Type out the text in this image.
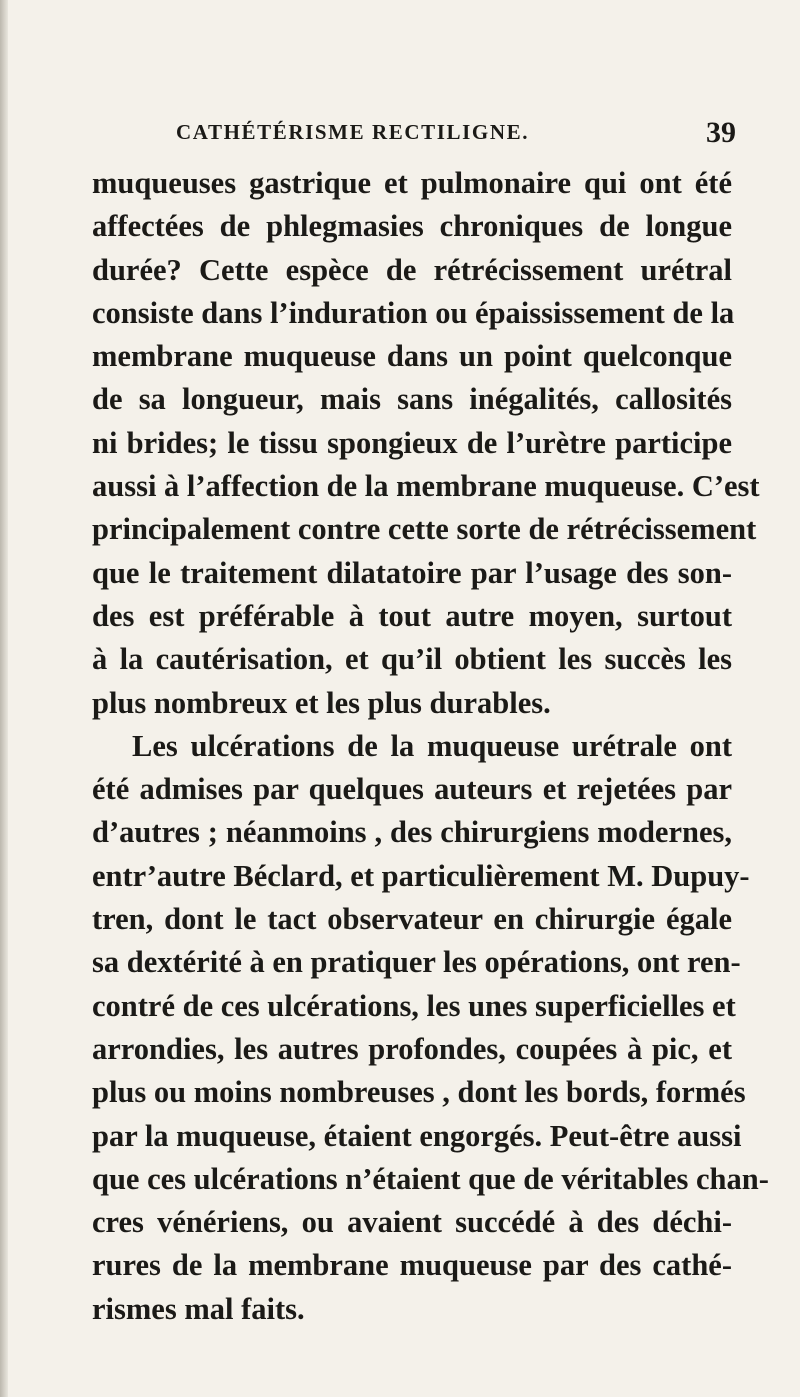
CATHÉTÉRISME RECTILIGNE.	39
muqueuses gastrique et pulmonaire qui ont été
affectées de phlegmasies chroniques de longue
durée? Cette espèce de rétrécissement urétral
consiste dans l’induration ou épaississement de la
membrane muqueuse dans un point quelconque
de sa longueur, mais sans inégalités, callosités
ni brides; le tissu spongieux de l’urètre participe
aussi à l’affection de la membrane muqueuse. C’est
principalement contre cette sorte de rétrécissement
que le traitement dilatatoire par l’usage des son-
des est préférable à tout autre moyen, surtout
à la cautérisation, et qu’il obtient les succès les
plus nombreux et les plus durables.
Les ulcérations de la muqueuse urétrale ont
été admises par quelques auteurs et rejetées par
d’autres ; néanmoins , des chirurgiens modernes,
entr’autre Béclard, et particulièrement M. Dupuy-
tren, dont le tact observateur en chirurgie égale
sa dextérité à en pratiquer les opérations, ont ren-
contré de ces ulcérations, les unes superficielles et
arrondies, les autres profondes, coupées à pic, et
plus ou moins nombreuses , dont les bords, formés
par la muqueuse, étaient engorgés. Peut-être aussi
que ces ulcérations n’étaient que de véritables chan-
cres vénériens, ou avaient succédé à des déchi-
rures de la membrane muqueuse par des cathé-
rismes mal faits.
